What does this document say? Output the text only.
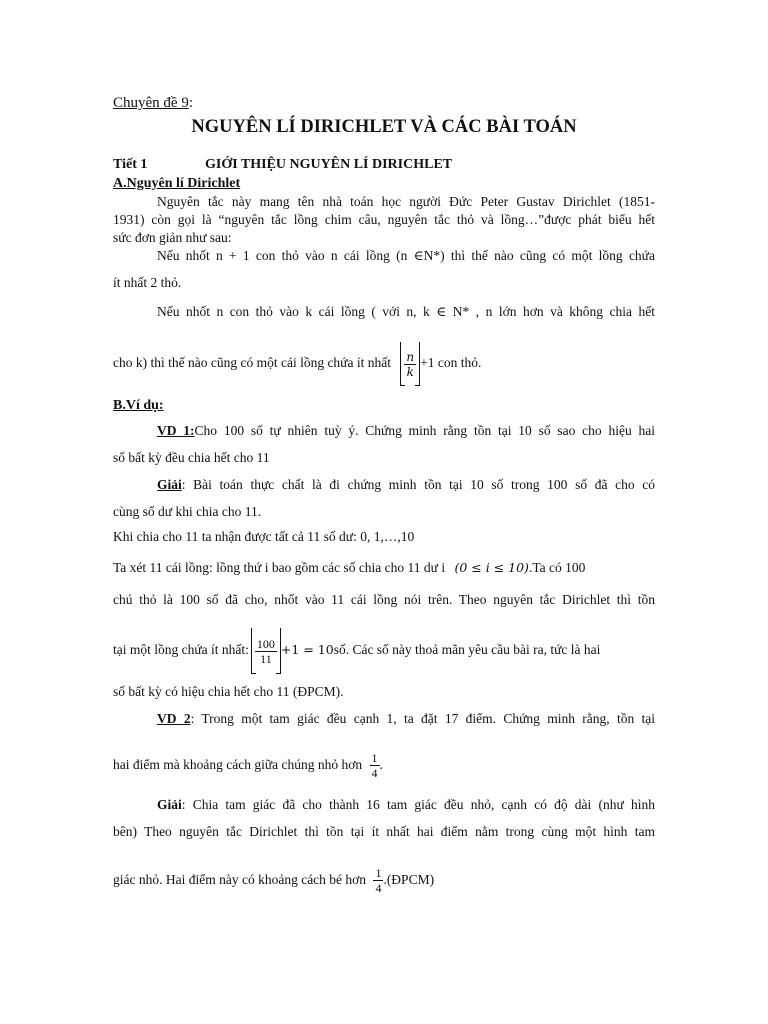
Chuyên đề 9:
NGUYÊN LÍ DIRICHLET VÀ CÁC BÀI TOÁN
Tiết 1	GIỚI THIỆU NGUYÊN LÍ DIRICHLET
A.Nguyên lí Dirichlet
Nguyên tắc này mang tên nhà toán học người Đức Peter Gustav Dirichlet (1851-
1931) còn gọi là “nguyên tắc lồng chim câu, nguyên tắc thỏ và lồng…”được phát biểu hết
sức đơn giản như sau:
Nếu nhốt n + 1 con thỏ vào n cái lồng (n ∈N*) thì thế nào cũng có một lồng chứa
ít nhất 2 thỏ.
Nếu nhốt n con thỏ vào k cái lồng ( với n, k ∈ N* , n lớn hơn và không chia hết
cho k) thì thế nào cũng có một cái lồng chứa ít nhất $\frac{n}{k} +1$ con thỏ.
B.Ví dụ:
VD 1:Cho 100 số tự nhiên tuỳ ý. Chứng minh rằng tồn tại 10 số sao cho hiệu hai
số bất kỳ đều chia hết cho 11
Giải: Bài toán thực chất là đi chứng minh tồn tại 10 số trong 100 số đã cho có
cùng số dư khi chia cho 11.
Khi chia cho 11 ta nhận được tất cả 11 số dư: 0, 1,…,10
Ta xét 11 cái lồng: lồng thứ i bao gồm các số chia cho 11 dư i (0 ≤ i ≤ 10).Ta có 100
chú thỏ là 100 số đã cho, nhốt vào 11 cái lồng nói trên. Theo nguyên tắc Dirichlet thì tồn
tại một lồng chứa ít nhất: $\frac{100}{11} +1$ = 10số. Các số này thoả mãn yêu cầu bài ra, tức là hai
số bất kỳ có hiệu chia hết cho 11 (ĐPCM).
VD 2: Trong một tam giác đều cạnh 1, ta đặt 17 điểm. Chứng minh rằng, tồn tại
hai điểm mà khoảng cách giữa chúng nhỏ hơn $\frac{1}{4}$ .
Giải: Chia tam giác đã cho thành 16 tam giác đều nhỏ, cạnh có độ dài (như hình
bên) Theo nguyên tắc Dirichlet thì tồn tại ít nhất hai điểm nằm trong cùng một hình tam
giác nhỏ. Hai điểm này có khoảng cách bé hơn $\frac{1}{4}$ .(ĐPCM)
